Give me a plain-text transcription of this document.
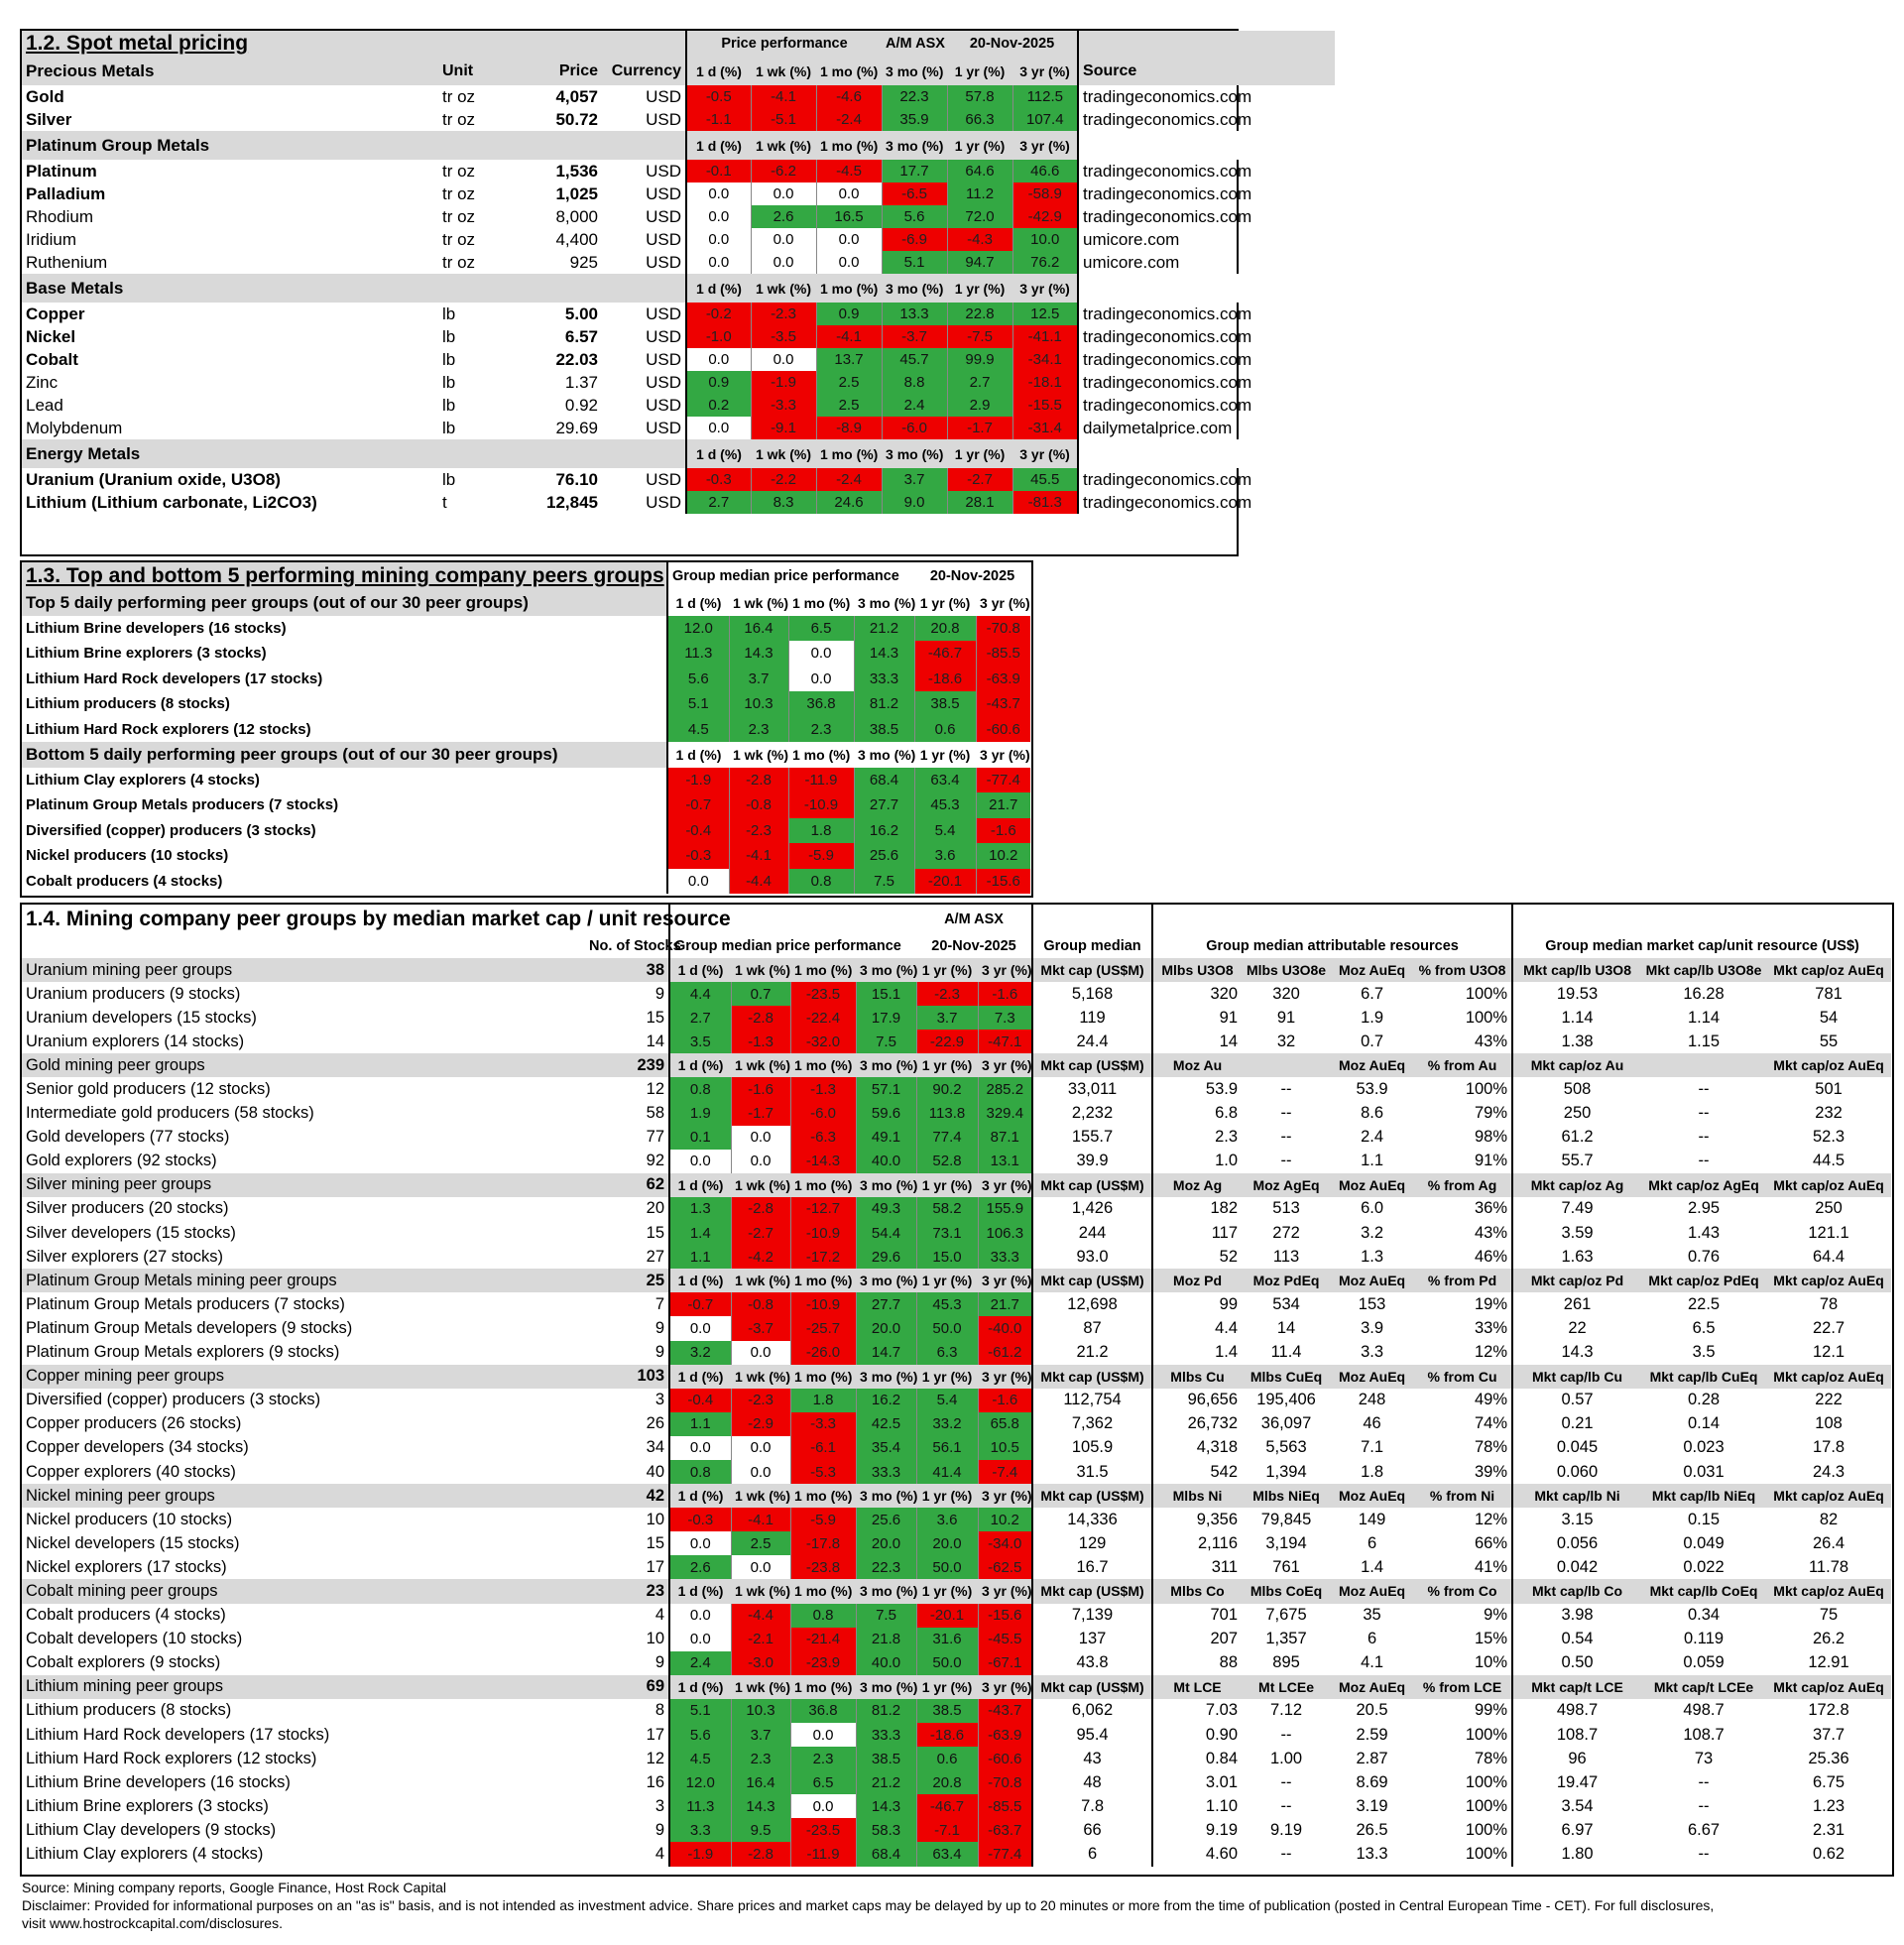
1.2. Spot metal pricing				Price performance			A/M ASX	20-Nov-2025		
Precious Metals	Unit	Price	Currency	1 d (%)	1 wk (%)	1 mo (%)	3 mo (%)	1 yr (%)	3 yr (%)	Source
Gold	tr oz	4,057	USD	-0.5	-4.1	-4.6	22.3	57.8	112.5	tradingeconomics.com
Silver	tr oz	50.72	USD	-1.1	-5.1	-2.4	35.9	66.3	107.4	tradingeconomics.com
Platinum Group Metals				1 d (%)	1 wk (%)	1 mo (%)	3 mo (%)	1 yr (%)	3 yr (%)	
Platinum	tr oz	1,536	USD	-0.1	-6.2	-4.5	17.7	64.6	46.6	tradingeconomics.com
Palladium	tr oz	1,025	USD	0.0	0.0	0.0	-6.5	11.2	-58.9	tradingeconomics.com
Rhodium	tr oz	8,000	USD	0.0	2.6	16.5	5.6	72.0	-42.9	tradingeconomics.com
Iridium	tr oz	4,400	USD	0.0	0.0	0.0	-6.9	-4.3	10.0	umicore.com
Ruthenium	tr oz	925	USD	0.0	0.0	0.0	5.1	94.7	76.2	umicore.com
Base Metals				1 d (%)	1 wk (%)	1 mo (%)	3 mo (%)	1 yr (%)	3 yr (%)	
Copper	lb	5.00	USD	-0.2	-2.3	0.9	13.3	22.8	12.5	tradingeconomics.com
Nickel	lb	6.57	USD	-1.0	-3.5	-4.1	-3.7	-7.5	-41.1	tradingeconomics.com
Cobalt	lb	22.03	USD	0.0	0.0	13.7	45.7	99.9	-34.1	tradingeconomics.com
Zinc	lb	1.37	USD	0.9	-1.9	2.5	8.8	2.7	-18.1	tradingeconomics.com
Lead	lb	0.92	USD	0.2	-3.3	2.5	2.4	2.9	-15.5	tradingeconomics.com
Molybdenum	lb	29.69	USD	0.0	-9.1	-8.9	-6.0	-1.7	-31.4	dailymetalprice.com
Energy Metals				1 d (%)	1 wk (%)	1 mo (%)	3 mo (%)	1 yr (%)	3 yr (%)	
Uranium (Uranium oxide, U3O8)	lb	76.10	USD	-0.3	-2.2	-2.4	3.7	-2.7	45.5	tradingeconomics.com
Lithium (Lithium carbonate, Li2CO3)	t	12,845	USD	2.7	8.3	24.6	9.0	28.1	-81.3	tradingeconomics.com
1.3. Top and bottom 5 performing mining company peers groups	Group median price performance				20-Nov-2025	
Top 5 daily performing peer groups (out of our 30 peer groups)	1 d (%)	1 wk (%)	1 mo (%)	3 mo (%)	1 yr (%)	3 yr (%)
Lithium Brine developers (16 stocks)	12.0	16.4	6.5	21.2	20.8	-70.8
Lithium Brine explorers (3 stocks)	11.3	14.3	0.0	14.3	-46.7	-85.5
Lithium Hard Rock developers (17 stocks)	5.6	3.7	0.0	33.3	-18.6	-63.9
Lithium producers (8 stocks)	5.1	10.3	36.8	81.2	38.5	-43.7
Lithium Hard Rock explorers (12 stocks)	4.5	2.3	2.3	38.5	0.6	-60.6
Bottom 5 daily performing peer groups (out of our 30 peer groups)	1 d (%)	1 wk (%)	1 mo (%)	3 mo (%)	1 yr (%)	3 yr (%)
Lithium Clay explorers (4 stocks)	-1.9	-2.8	-11.9	68.4	63.4	-77.4
Platinum Group Metals producers (7 stocks)	-0.7	-0.8	-10.9	27.7	45.3	21.7
Diversified (copper) producers (3 stocks)	-0.4	-2.3	1.8	16.2	5.4	-1.6
Nickel producers (10 stocks)	-0.3	-4.1	-5.9	25.6	3.6	10.2
Cobalt producers (4 stocks)	0.0	-4.4	0.8	7.5	-20.1	-15.6
1.4. Mining company peer groups by median market cap / unit resource						A/M ASX									
	No. of Stocks	Group median price performance				20-Nov-2025		Group median	Group median attributable resources				Group median market cap/unit resource (US$)		
Uranium mining peer groups	38	1 d (%)	1 wk (%)	1 mo (%)	3 mo (%)	1 yr (%)	3 yr (%)	Mkt cap (US$M)	Mlbs U3O8	Mlbs U3O8e	Moz AuEq	% from U3O8	Mkt cap/lb U3O8	Mkt cap/lb U3O8e	Mkt cap/oz AuEq
Uranium producers (9 stocks)	9	4.4	0.7	-23.5	15.1	-2.3	-1.6	5,168	320	320	6.7	100%	19.53	16.28	781
Uranium developers (15 stocks)	15	2.7	-2.8	-22.4	17.9	3.7	7.3	119	91	91	1.9	100%	1.14	1.14	54
Uranium explorers (14 stocks)	14	3.5	-1.3	-32.0	7.5	-22.9	-47.1	24.4	14	32	0.7	43%	1.38	1.15	55
Gold mining peer groups	239	1 d (%)	1 wk (%)	1 mo (%)	3 mo (%)	1 yr (%)	3 yr (%)	Mkt cap (US$M)	Moz Au		Moz AuEq	% from Au	Mkt cap/oz Au		Mkt cap/oz AuEq
Senior gold producers (12 stocks)	12	0.8	-1.6	-1.3	57.1	90.2	285.2	33,011	53.9	--	53.9	100%	508	--	501
Intermediate gold producers (58 stocks)	58	1.9	-1.7	-6.0	59.6	113.8	329.4	2,232	6.8	--	8.6	79%	250	--	232
Gold developers (77 stocks)	77	0.1	0.0	-6.3	49.1	77.4	87.1	155.7	2.3	--	2.4	98%	61.2	--	52.3
Gold explorers (92 stocks)	92	0.0	0.0	-14.3	40.0	52.8	13.1	39.9	1.0	--	1.1	91%	55.7	--	44.5
Silver mining peer groups	62	1 d (%)	1 wk (%)	1 mo (%)	3 mo (%)	1 yr (%)	3 yr (%)	Mkt cap (US$M)	Moz Ag	Moz AgEq	Moz AuEq	% from Ag	Mkt cap/oz Ag	Mkt cap/oz AgEq	Mkt cap/oz AuEq
Silver producers (20 stocks)	20	1.3	-2.8	-12.7	49.3	58.2	155.9	1,426	182	513	6.0	36%	7.49	2.95	250
Silver developers (15 stocks)	15	1.4	-2.7	-10.9	54.4	73.1	106.3	244	117	272	3.2	43%	3.59	1.43	121.1
Silver explorers (27 stocks)	27	1.1	-4.2	-17.2	29.6	15.0	33.3	93.0	52	113	1.3	46%	1.63	0.76	64.4
Platinum Group Metals mining peer groups	25	1 d (%)	1 wk (%)	1 mo (%)	3 mo (%)	1 yr (%)	3 yr (%)	Mkt cap (US$M)	Moz Pd	Moz PdEq	Moz AuEq	% from Pd	Mkt cap/oz Pd	Mkt cap/oz PdEq	Mkt cap/oz AuEq
Platinum Group Metals producers (7 stocks)	7	-0.7	-0.8	-10.9	27.7	45.3	21.7	12,698	99	534	153	19%	261	22.5	78
Platinum Group Metals developers (9 stocks)	9	0.0	-3.7	-25.7	20.0	50.0	-40.0	87	4.4	14	3.9	33%	22	6.5	22.7
Platinum Group Metals explorers (9 stocks)	9	3.2	0.0	-26.0	14.7	6.3	-61.2	21.2	1.4	11.4	3.3	12%	14.3	3.5	12.1
Copper mining peer groups	103	1 d (%)	1 wk (%)	1 mo (%)	3 mo (%)	1 yr (%)	3 yr (%)	Mkt cap (US$M)	Mlbs Cu	Mlbs CuEq	Moz AuEq	% from Cu	Mkt cap/lb Cu	Mkt cap/lb CuEq	Mkt cap/oz AuEq
Diversified (copper) producers (3 stocks)	3	-0.4	-2.3	1.8	16.2	5.4	-1.6	112,754	96,656	195,406	248	49%	0.57	0.28	222
Copper producers (26 stocks)	26	1.1	-2.9	-3.3	42.5	33.2	65.8	7,362	26,732	36,097	46	74%	0.21	0.14	108
Copper developers (34 stocks)	34	0.0	0.0	-6.1	35.4	56.1	10.5	105.9	4,318	5,563	7.1	78%	0.045	0.023	17.8
Copper explorers (40 stocks)	40	0.8	0.0	-5.3	33.3	41.4	-7.4	31.5	542	1,394	1.8	39%	0.060	0.031	24.3
Nickel mining peer groups	42	1 d (%)	1 wk (%)	1 mo (%)	3 mo (%)	1 yr (%)	3 yr (%)	Mkt cap (US$M)	Mlbs Ni	Mlbs NiEq	Moz AuEq	% from Ni	Mkt cap/lb Ni	Mkt cap/lb NiEq	Mkt cap/oz AuEq
Nickel producers (10 stocks)	10	-0.3	-4.1	-5.9	25.6	3.6	10.2	14,336	9,356	79,845	149	12%	3.15	0.15	82
Nickel developers (15 stocks)	15	0.0	2.5	-17.8	20.0	20.0	-34.0	129	2,116	3,194	6	66%	0.056	0.049	26.4
Nickel explorers (17 stocks)	17	2.6	0.0	-23.8	22.3	50.0	-62.5	16.7	311	761	1.4	41%	0.042	0.022	11.78
Cobalt mining peer groups	23	1 d (%)	1 wk (%)	1 mo (%)	3 mo (%)	1 yr (%)	3 yr (%)	Mkt cap (US$M)	Mlbs Co	Mlbs CoEq	Moz AuEq	% from Co	Mkt cap/lb Co	Mkt cap/lb CoEq	Mkt cap/oz AuEq
Cobalt producers (4 stocks)	4	0.0	-4.4	0.8	7.5	-20.1	-15.6	7,139	701	7,675	35	9%	3.98	0.34	75
Cobalt developers (10 stocks)	10	0.0	-2.1	-21.4	21.8	31.6	-45.5	137	207	1,357	6	15%	0.54	0.119	26.2
Cobalt explorers (9 stocks)	9	2.4	-3.0	-23.9	40.0	50.0	-67.1	43.8	88	895	4.1	10%	0.50	0.059	12.91
Lithium mining peer groups	69	1 d (%)	1 wk (%)	1 mo (%)	3 mo (%)	1 yr (%)	3 yr (%)	Mkt cap (US$M)	Mt LCE	Mt LCEe	Moz AuEq	% from LCE	Mkt cap/t LCE	Mkt cap/t LCEe	Mkt cap/oz AuEq
Lithium producers (8 stocks)	8	5.1	10.3	36.8	81.2	38.5	-43.7	6,062	7.03	7.12	20.5	99%	498.7	498.7	172.8
Lithium Hard Rock developers (17 stocks)	17	5.6	3.7	0.0	33.3	-18.6	-63.9	95.4	0.90	--	2.59	100%	108.7	108.7	37.7
Lithium Hard Rock explorers (12 stocks)	12	4.5	2.3	2.3	38.5	0.6	-60.6	43	0.84	1.00	2.87	78%	96	73	25.36
Lithium Brine developers (16 stocks)	16	12.0	16.4	6.5	21.2	20.8	-70.8	48	3.01	--	8.69	100%	19.47	--	6.75
Lithium Brine explorers (3 stocks)	3	11.3	14.3	0.0	14.3	-46.7	-85.5	7.8	1.10	--	3.19	100%	3.54	--	1.23
Lithium Clay developers (9 stocks)	9	3.3	9.5	-23.5	58.3	-7.1	-63.7	66	9.19	9.19	26.5	100%	6.97	6.67	2.31
Lithium Clay explorers (4 stocks)	4	-1.9	-2.8	-11.9	68.4	63.4	-77.4	6	4.60	--	13.3	100%	1.80	--	0.62
Source: Mining company reports, Google Finance, Host Rock Capital
Disclaimer: Provided for informational purposes on an "as is" basis, and is not intended as investment advice. Share prices and market caps may be delayed by up to 20 minutes or more from the time of publication (posted in Central European Time - CET). For full disclosures,
visit www.hostrockcapital.com/disclosures.
